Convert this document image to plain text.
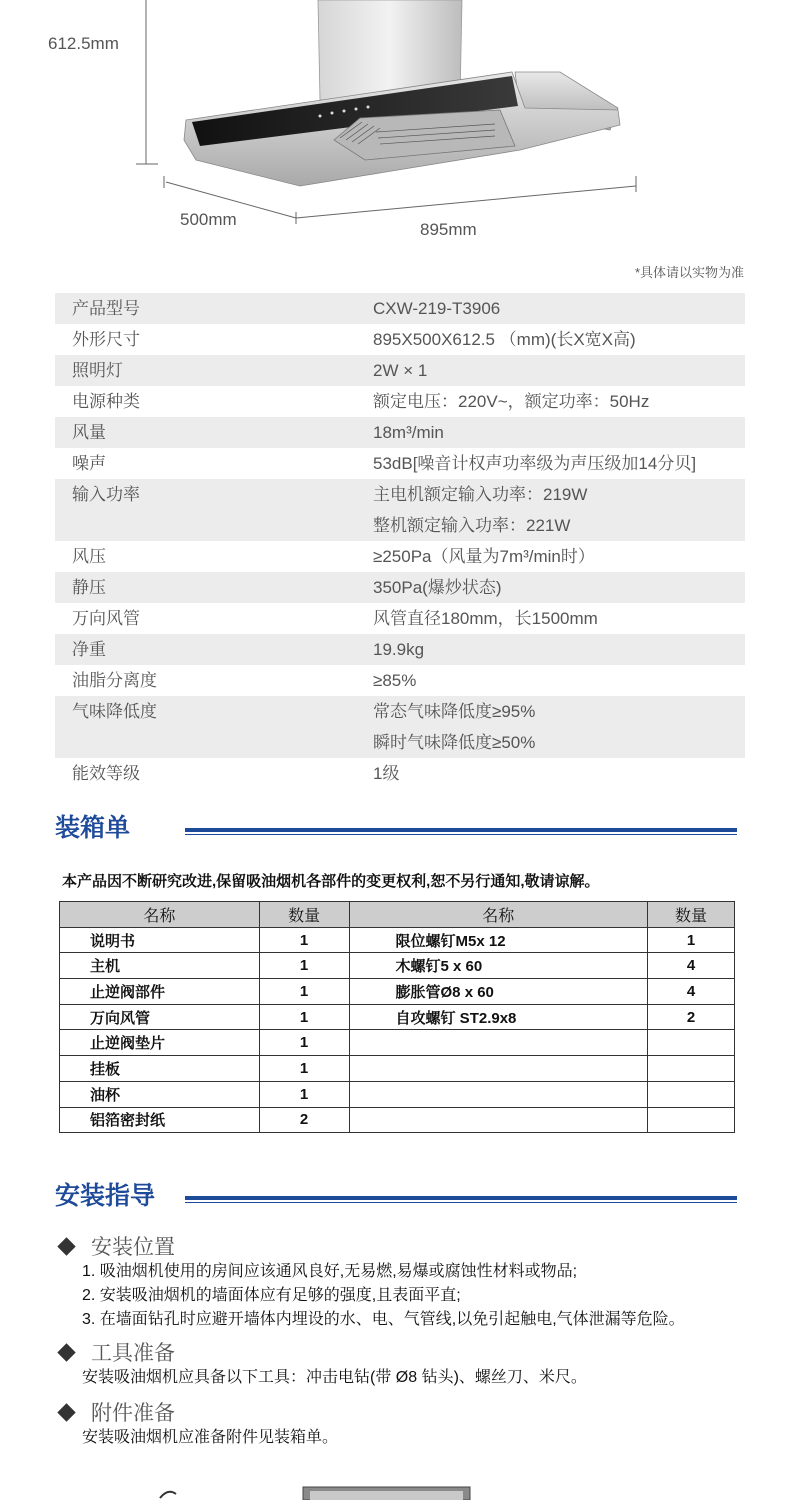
612.5mm
500mm
895mm
*具体请以实物为准
产品型号	CXW-219-T3906
外形尺寸	895X500X612.5 （mm)(长X宽X高)
照明灯	2W × 1
电源种类	额定电压：220V~，额定功率：50Hz
风量	18m³/min
噪声	53dB[噪音计权声功率级为声压级加14分贝]
输入功率	主电机额定输入功率：219W
整机额定输入功率：221W
风压	≥250Pa（风量为7m³/min时）
静压	350Pa(爆炒状态)
万向风管	风管直径180mm，长1500mm
净重	19.9kg
油脂分离度	≥85%
气味降低度	常态气味降低度≥95%
瞬时气味降低度≥50%
能效等级	1级
装箱单
本产品因不断研究改进,保留吸油烟机各部件的变更权利,恕不另行通知,敬请谅解。
名称	数量	名称	数量
说明书	1	限位螺钉M5x 12	1
主机	1	木螺钉5 x 60	4
止逆阀部件	1	膨胀管Ø8 x 60	4
万向风管	1	自攻螺钉 ST2.9x8	2
止逆阀垫片	1		
挂板	1		
油杯	1		
铝箔密封纸	2		
安装指导
安装位置
1. 吸油烟机使用的房间应该通风良好,无易燃,易爆或腐蚀性材料或物品;
2. 安装吸油烟机的墙面体应有足够的强度,且表面平直;
3. 在墙面钻孔时应避开墙体内埋设的水、电、气管线,以免引起触电,气体泄漏等危险。
工具准备
安装吸油烟机应具备以下工具：冲击电钻(带 Ø8 钻头)、螺丝刀、米尺。
附件准备
安装吸油烟机应准备附件见装箱单。
